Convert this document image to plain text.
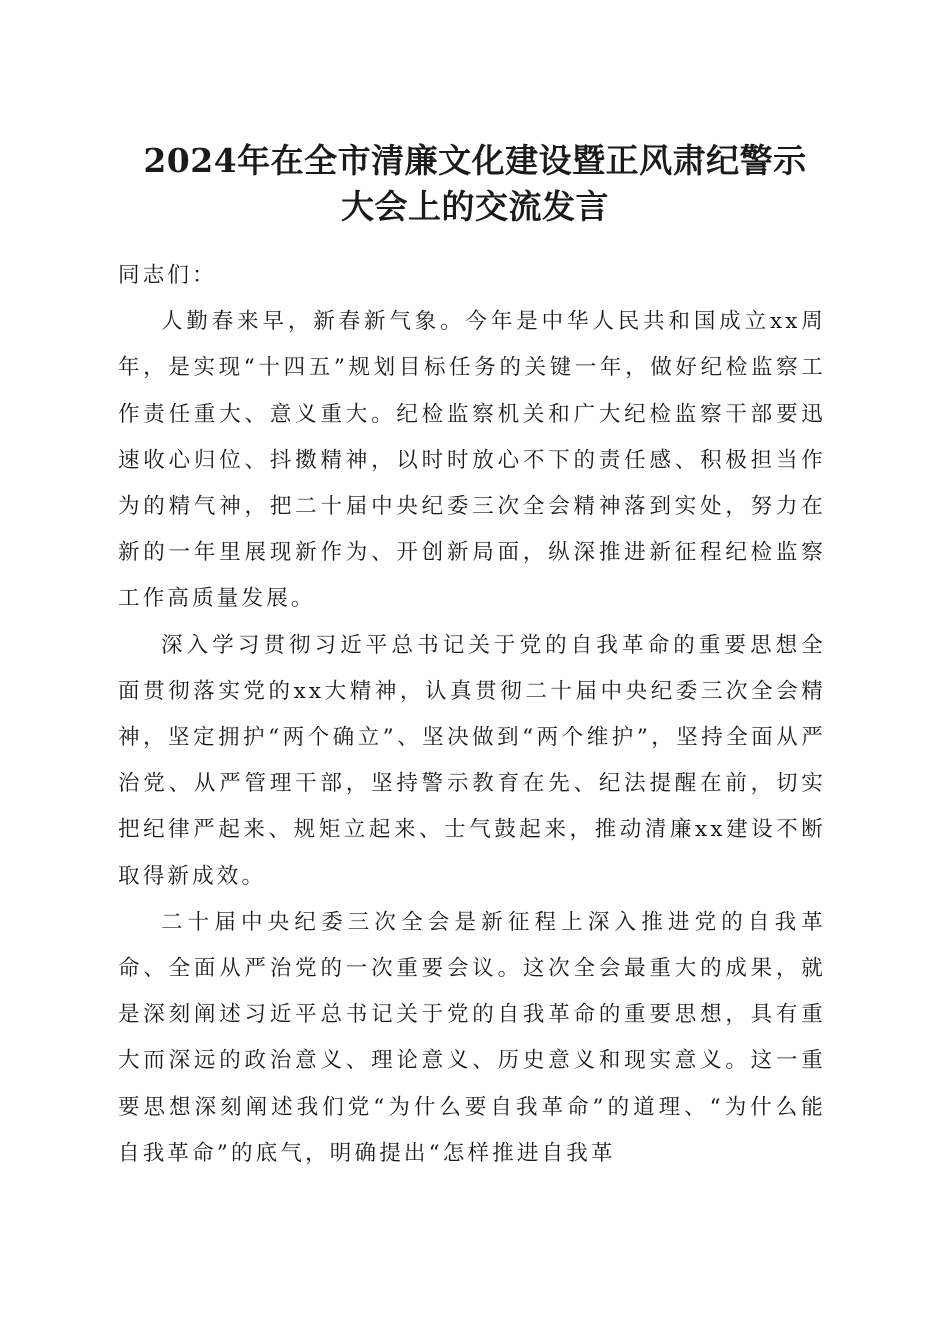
2024年在全市清廉文化建设暨正风肃纪警示
大会上的交流发言

同志们：

人勤春来早，新春新气象。今年是中华人民共和国成立xx周年，是实现“十四五”规划目标任务的关键一年，做好纪检监察工作责任重大、意义重大。纪检监察机关和广大纪检监察干部要迅速收心归位、抖擞精神，以时时放心不下的责任感、积极担当作为的精气神，把二十届中央纪委三次全会精神落到实处，努力在新的一年里展现新作为、开创新局面，纵深推进新征程纪检监察工作高质量发展。

深入学习贯彻习近平总书记关于党的自我革命的重要思想全面贯彻落实党的xx大精神，认真贯彻二十届中央纪委三次全会精神，坚定拥护“两个确立”、坚决做到“两个维护”，坚持全面从严治党、从严管理干部，坚持警示教育在先、纪法提醒在前，切实把纪律严起来、规矩立起来、士气鼓起来，推动清廉xx建设不断取得新成效。

二十届中央纪委三次全会是新征程上深入推进党的自我革命、全面从严治党的一次重要会议。这次全会最重大的成果，就是深刻阐述习近平总书记关于党的自我革命的重要思想，具有重大而深远的政治意义、理论意义、历史意义和现实意义。这一重要思想深刻阐述我们党“为什么要自我革命”的道理、“为什么能自我革命”的底气，明确提出“怎样推进自我革
